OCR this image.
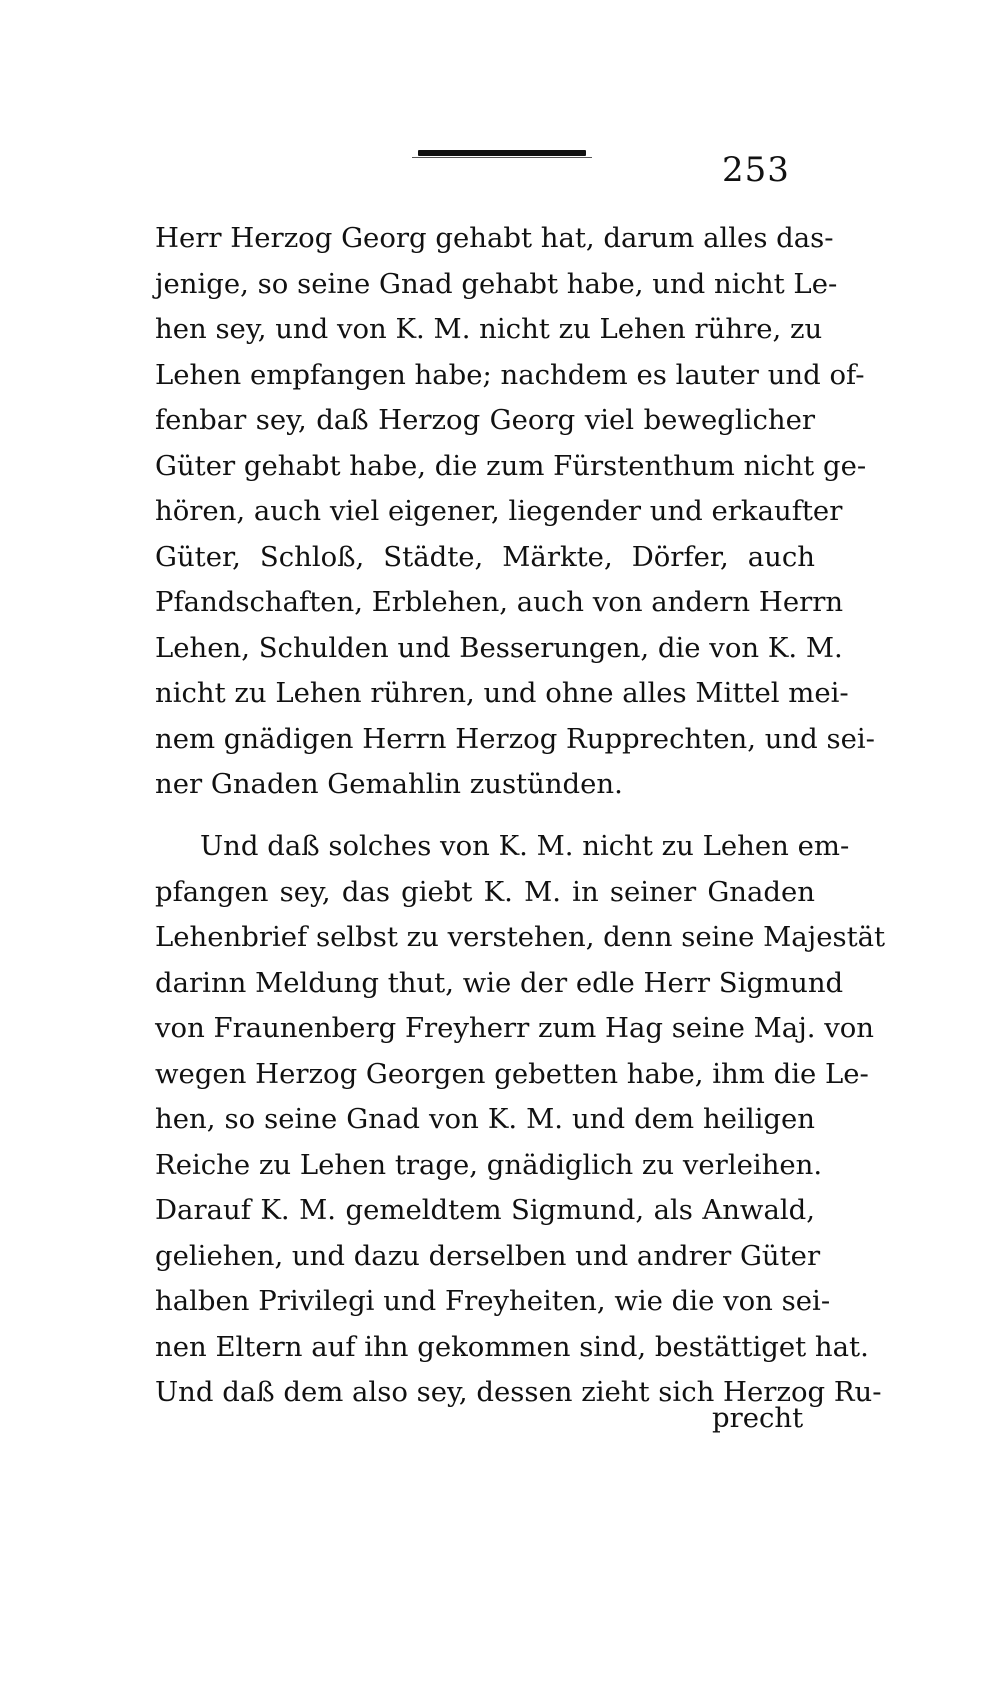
253
Herr Herzog Georg gehabt hat, darum alles das-
jenige, so seine Gnad gehabt habe, und nicht Le-
hen sey, und von K. M. nicht zu Lehen rühre, zu
Lehen empfangen habe; nachdem es lauter und of-
fenbar sey, daß Herzog Georg viel beweglicher
Güter gehabt habe, die zum Fürstenthum nicht ge-
hören, auch viel eigener, liegender und erkaufter
Güter, Schloß, Städte, Märkte, Dörfer, auch
Pfandschaften, Erblehen, auch von andern Herrn
Lehen, Schulden und Besserungen, die von K. M.
nicht zu Lehen rühren, und ohne alles Mittel mei-
nem gnädigen Herrn Herzog Rupprechten, und sei-
ner Gnaden Gemahlin zustünden.
Und daß solches von K. M. nicht zu Lehen em-
pfangen sey, das giebt K. M. in seiner Gnaden
Lehenbrief selbst zu verstehen, denn seine Majestät
darinn Meldung thut, wie der edle Herr Sigmund
von Fraunenberg Freyherr zum Hag seine Maj. von
wegen Herzog Georgen gebetten habe, ihm die Le-
hen, so seine Gnad von K. M. und dem heiligen
Reiche zu Lehen trage, gnädiglich zu verleihen.
Darauf K. M. gemeldtem Sigmund, als Anwald,
geliehen, und dazu derselben und andrer Güter
halben Privilegi und Freyheiten, wie die von sei-
nen Eltern auf ihn gekommen sind, bestättiget hat.
Und daß dem also sey, dessen zieht sich Herzog Ru-
precht
